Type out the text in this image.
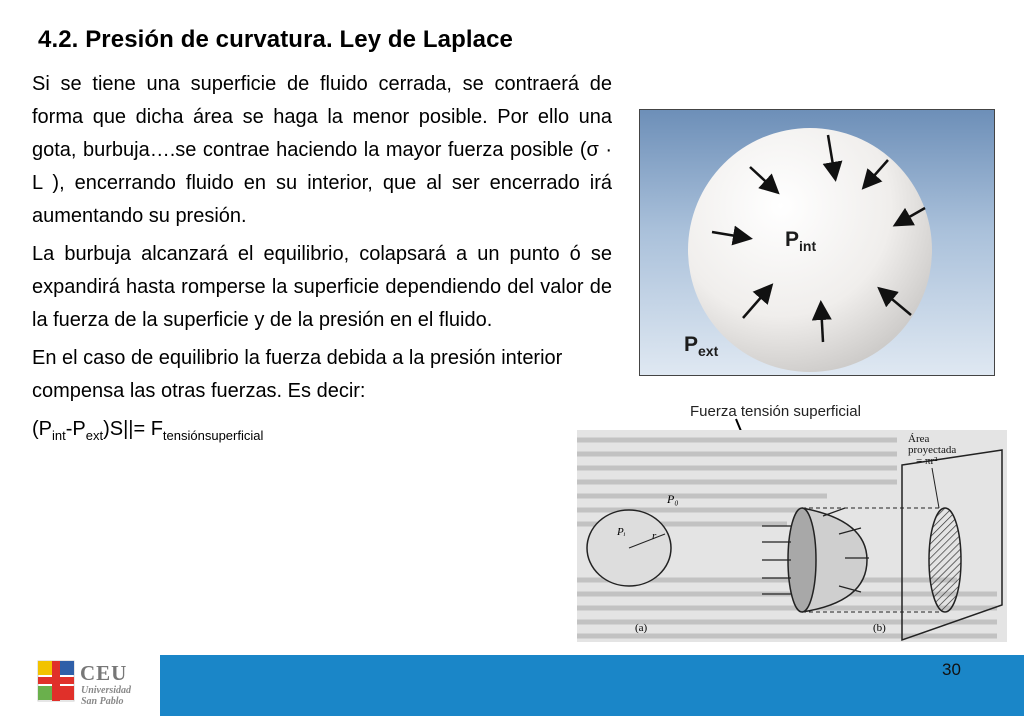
4.2. Presión de curvatura. Ley de Laplace

Si se tiene una superficie de fluido cerrada, se contraerá de forma que dicha área se haga la menor posible. Por ello una gota, burbuja….se contrae haciendo la mayor fuerza posible (σ · L ), encerrando fluido en su interior, que al ser encerrado irá aumentando su presión.

La burbuja alcanzará el equilibrio, colapsará a un punto ó se expandirá hasta romperse la superficie dependiendo del valor de la fuerza de la superficie y de la presión en el fluido.

En el caso de equilibrio la fuerza debida a la presión interior compensa las otras fuerzas. Es decir:

$(P_{int}-P_{ext})S||= F_{tensiónsuperficial}$
$P_{int}$
$P_{ext}$
Fuerza tensión superficial
Área
proyectada
= πr²
P₀
Pᵢ r
(a)	(b)
CEU
Universidad
San Pablo
30
